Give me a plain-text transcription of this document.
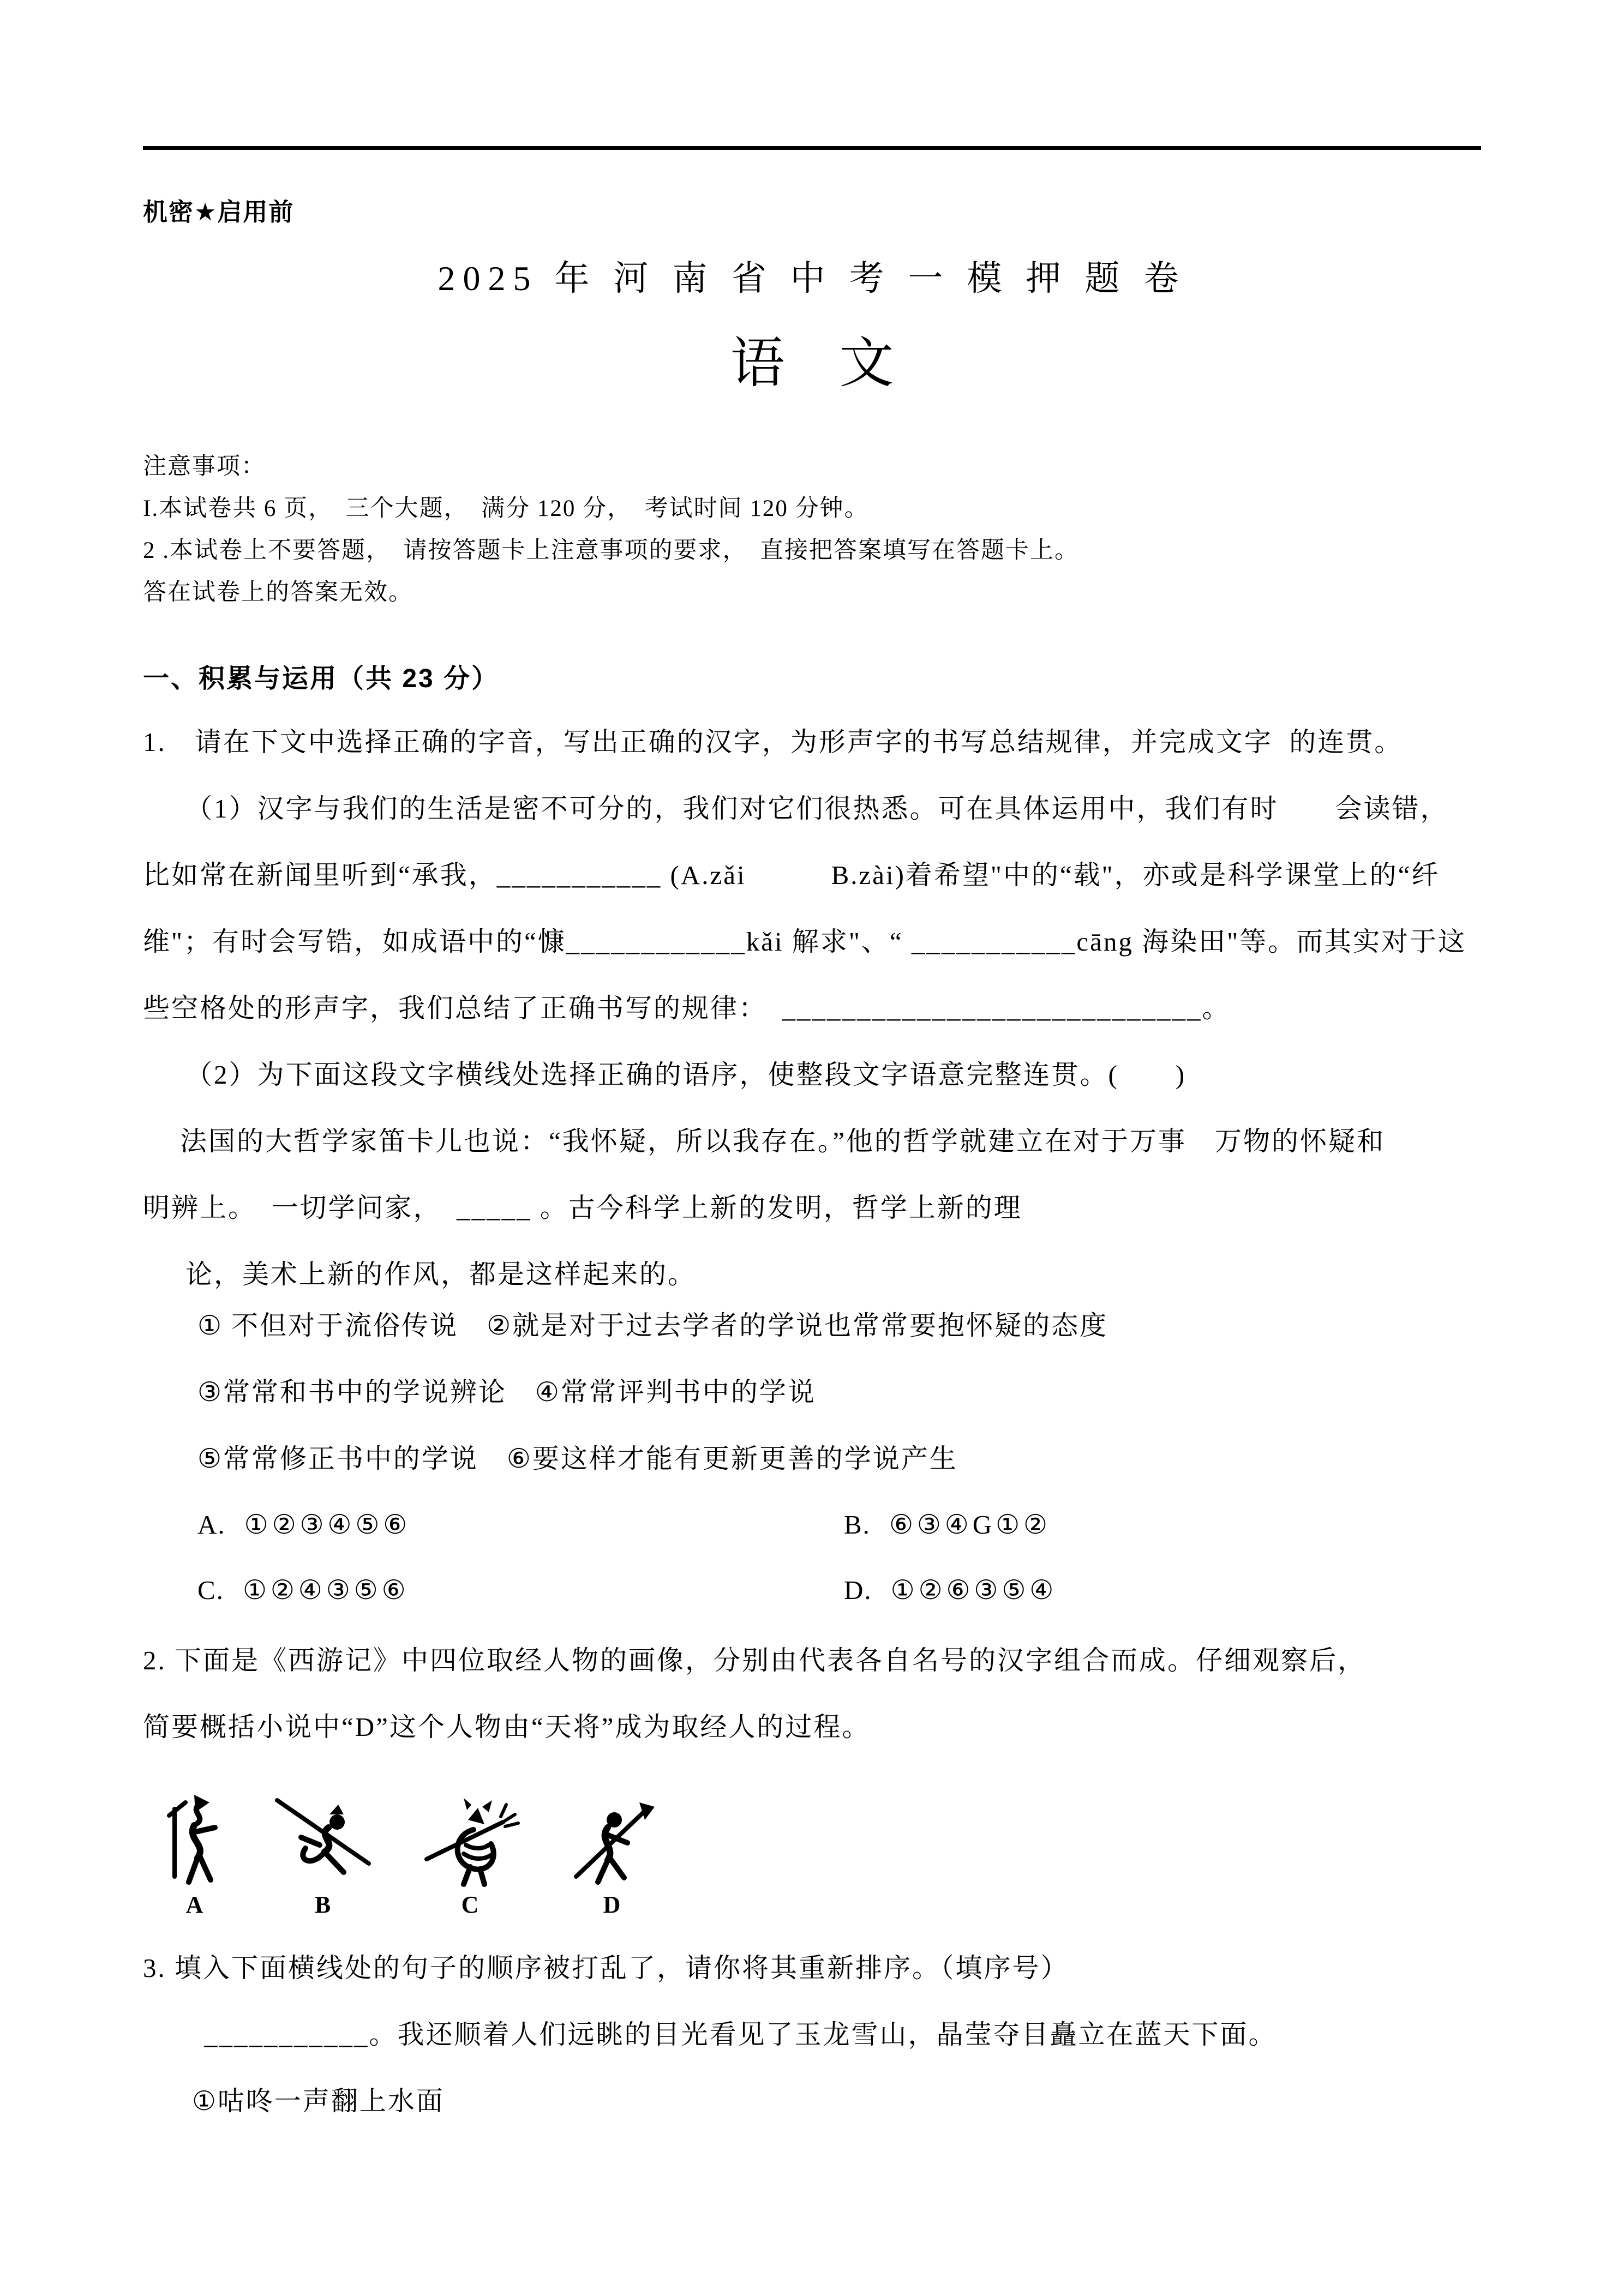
机密★启用前
2025 年 河 南 省 中 考 一 模 押 题 卷
语　文
注意事项：
I.本试卷共 6 页，　三个大题，　满分 120 分，　考试时间 120 分钟。
2 .本试卷上不要答题，　请按答题卡上注意事项的要求，　直接把答案填写在答题卡上。
答在试卷上的答案无效。
一、积累与运用（共 23 分）
1.　请在下文中选择正确的字音，写出正确的汉字，为形声字的书写总结规律，并完成文字  的连贯。
（1）汉字与我们的生活是密不可分的，我们对它们很热悉。可在具体运用中，我们有时　　会读错，
比如常在新闻里听到“承我，___________ (A.zǎi　　　B.zài)着希望"中的“载"，亦或是科学课堂上的“纤
维"；有时会写锆，如成语中的“慷____________kǎi 解求"、“ ___________cāng 海染田"等。而其实对于这
些空格处的形声字，我们总结了正确书写的规律：　____________________________。
（2）为下面这段文字横线处选择正确的语序，使整段文字语意完整连贯。(　　)
法国的大哲学家笛卡儿也说：“我怀疑，所以我存在。”他的哲学就建立在对于万事　万物的怀疑和
明辨上。　一切学问家，　_____ 。古今科学上新的发明，哲学上新的理
论，美术上新的作风，都是这样起来的。
① 不但对于流俗传说　②就是对于过去学者的学说也常常要抱怀疑的态度
③常常和书中的学说辨论　④常常评判书中的学说
⑤常常修正书中的学说　⑥要这样才能有更新更善的学说产生
A. ①②③④⑤⑥	B. ⑥③④G①②
C. ①②④③⑤⑥	D. ①②⑥③⑤④
2. 下面是《西游记》中四位取经人物的画像，分别由代表各自名号的汉字组合而成。仔细观察后，
简要概括小说中“D”这个人物由“天将”成为取经人的过程。
A	B	C	D
3. 填入下面横线处的句子的顺序被打乱了，请你将其重新排序。（填序号）
___________。我还顺着人们远眺的目光看见了玉龙雪山，晶莹夺目矗立在蓝天下面。
①咕咚一声翻上水面
